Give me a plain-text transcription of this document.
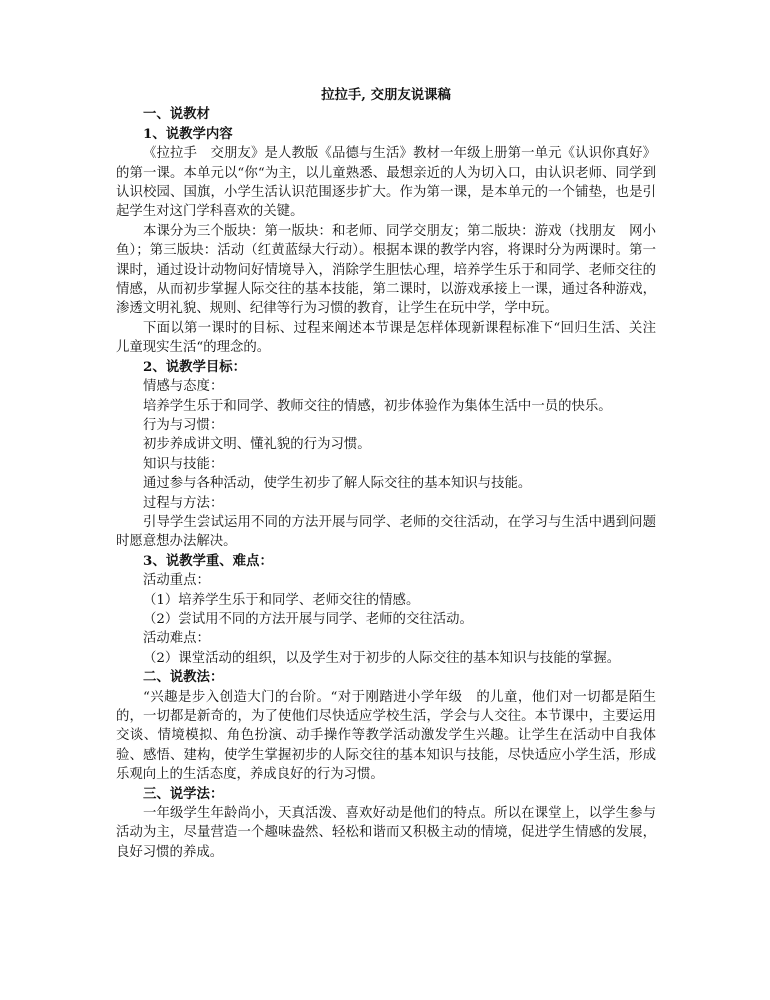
拉拉手, 交朋友说课稿

一、说教材

1、说教学内容

《拉拉手　交朋友》是人教版《品德与生活》教材一年级上册第一单元《认识你真好》的第一课。本单元以“你“为主，以儿童熟悉、最想亲近的人为切入口，由认识老师、同学到认识校园、国旗，小学生活认识范围逐步扩大。作为第一课，是本单元的一个铺垫，也是引起学生对这门学科喜欢的关键。

本课分为三个版块：第一版块：和老师、同学交朋友；第二版块：游戏（找朋友　网小鱼）；第三版块：活动（红黄蓝绿大行动）。根据本课的教学内容，将课时分为两课时。第一课时，通过设计动物问好情境导入，消除学生胆怯心理，培养学生乐于和同学、老师交往的情感，从而初步掌握人际交往的基本技能，第二课时，以游戏承接上一课，通过各种游戏，渗透文明礼貌、规则、纪律等行为习惯的教育，让学生在玩中学，学中玩。

下面以第一课时的目标、过程来阐述本节课是怎样体现新课程标准下“回归生活、关注儿童现实生活“的理念的。

2、说教学目标：

情感与态度：

培养学生乐于和同学、教师交往的情感，初步体验作为集体生活中一员的快乐。

行为与习惯：

初步养成讲文明、懂礼貌的行为习惯。

知识与技能：

通过参与各种活动，使学生初步了解人际交往的基本知识与技能。

过程与方法：

引导学生尝试运用不同的方法开展与同学、老师的交往活动，在学习与生活中遇到问题时愿意想办法解决。

3、说教学重、难点：

活动重点：

（1）培养学生乐于和同学、老师交往的情感。

（2）尝试用不同的方法开展与同学、老师的交往活动。

活动难点：

（2）课堂活动的组织，以及学生对于初步的人际交往的基本知识与技能的掌握。

二、说教法：

“兴趣是步入创造大门的台阶。“对于刚踏进小学年级　的儿童，他们对一切都是陌生的，一切都是新奇的，为了使他们尽快适应学校生活，学会与人交往。本节课中，主要运用交谈、情境模拟、角色扮演、动手操作等教学活动激发学生兴趣。让学生在活动中自我体验、感悟、建构，使学生掌握初步的人际交往的基本知识与技能，尽快适应小学生活，形成乐观向上的生活态度，养成良好的行为习惯。

三、说学法：

一年级学生年龄尚小，天真活泼、喜欢好动是他们的特点。所以在课堂上，以学生参与活动为主，尽量营造一个趣味盎然、轻松和谐而又积极主动的情境，促进学生情感的发展，良好习惯的养成。
